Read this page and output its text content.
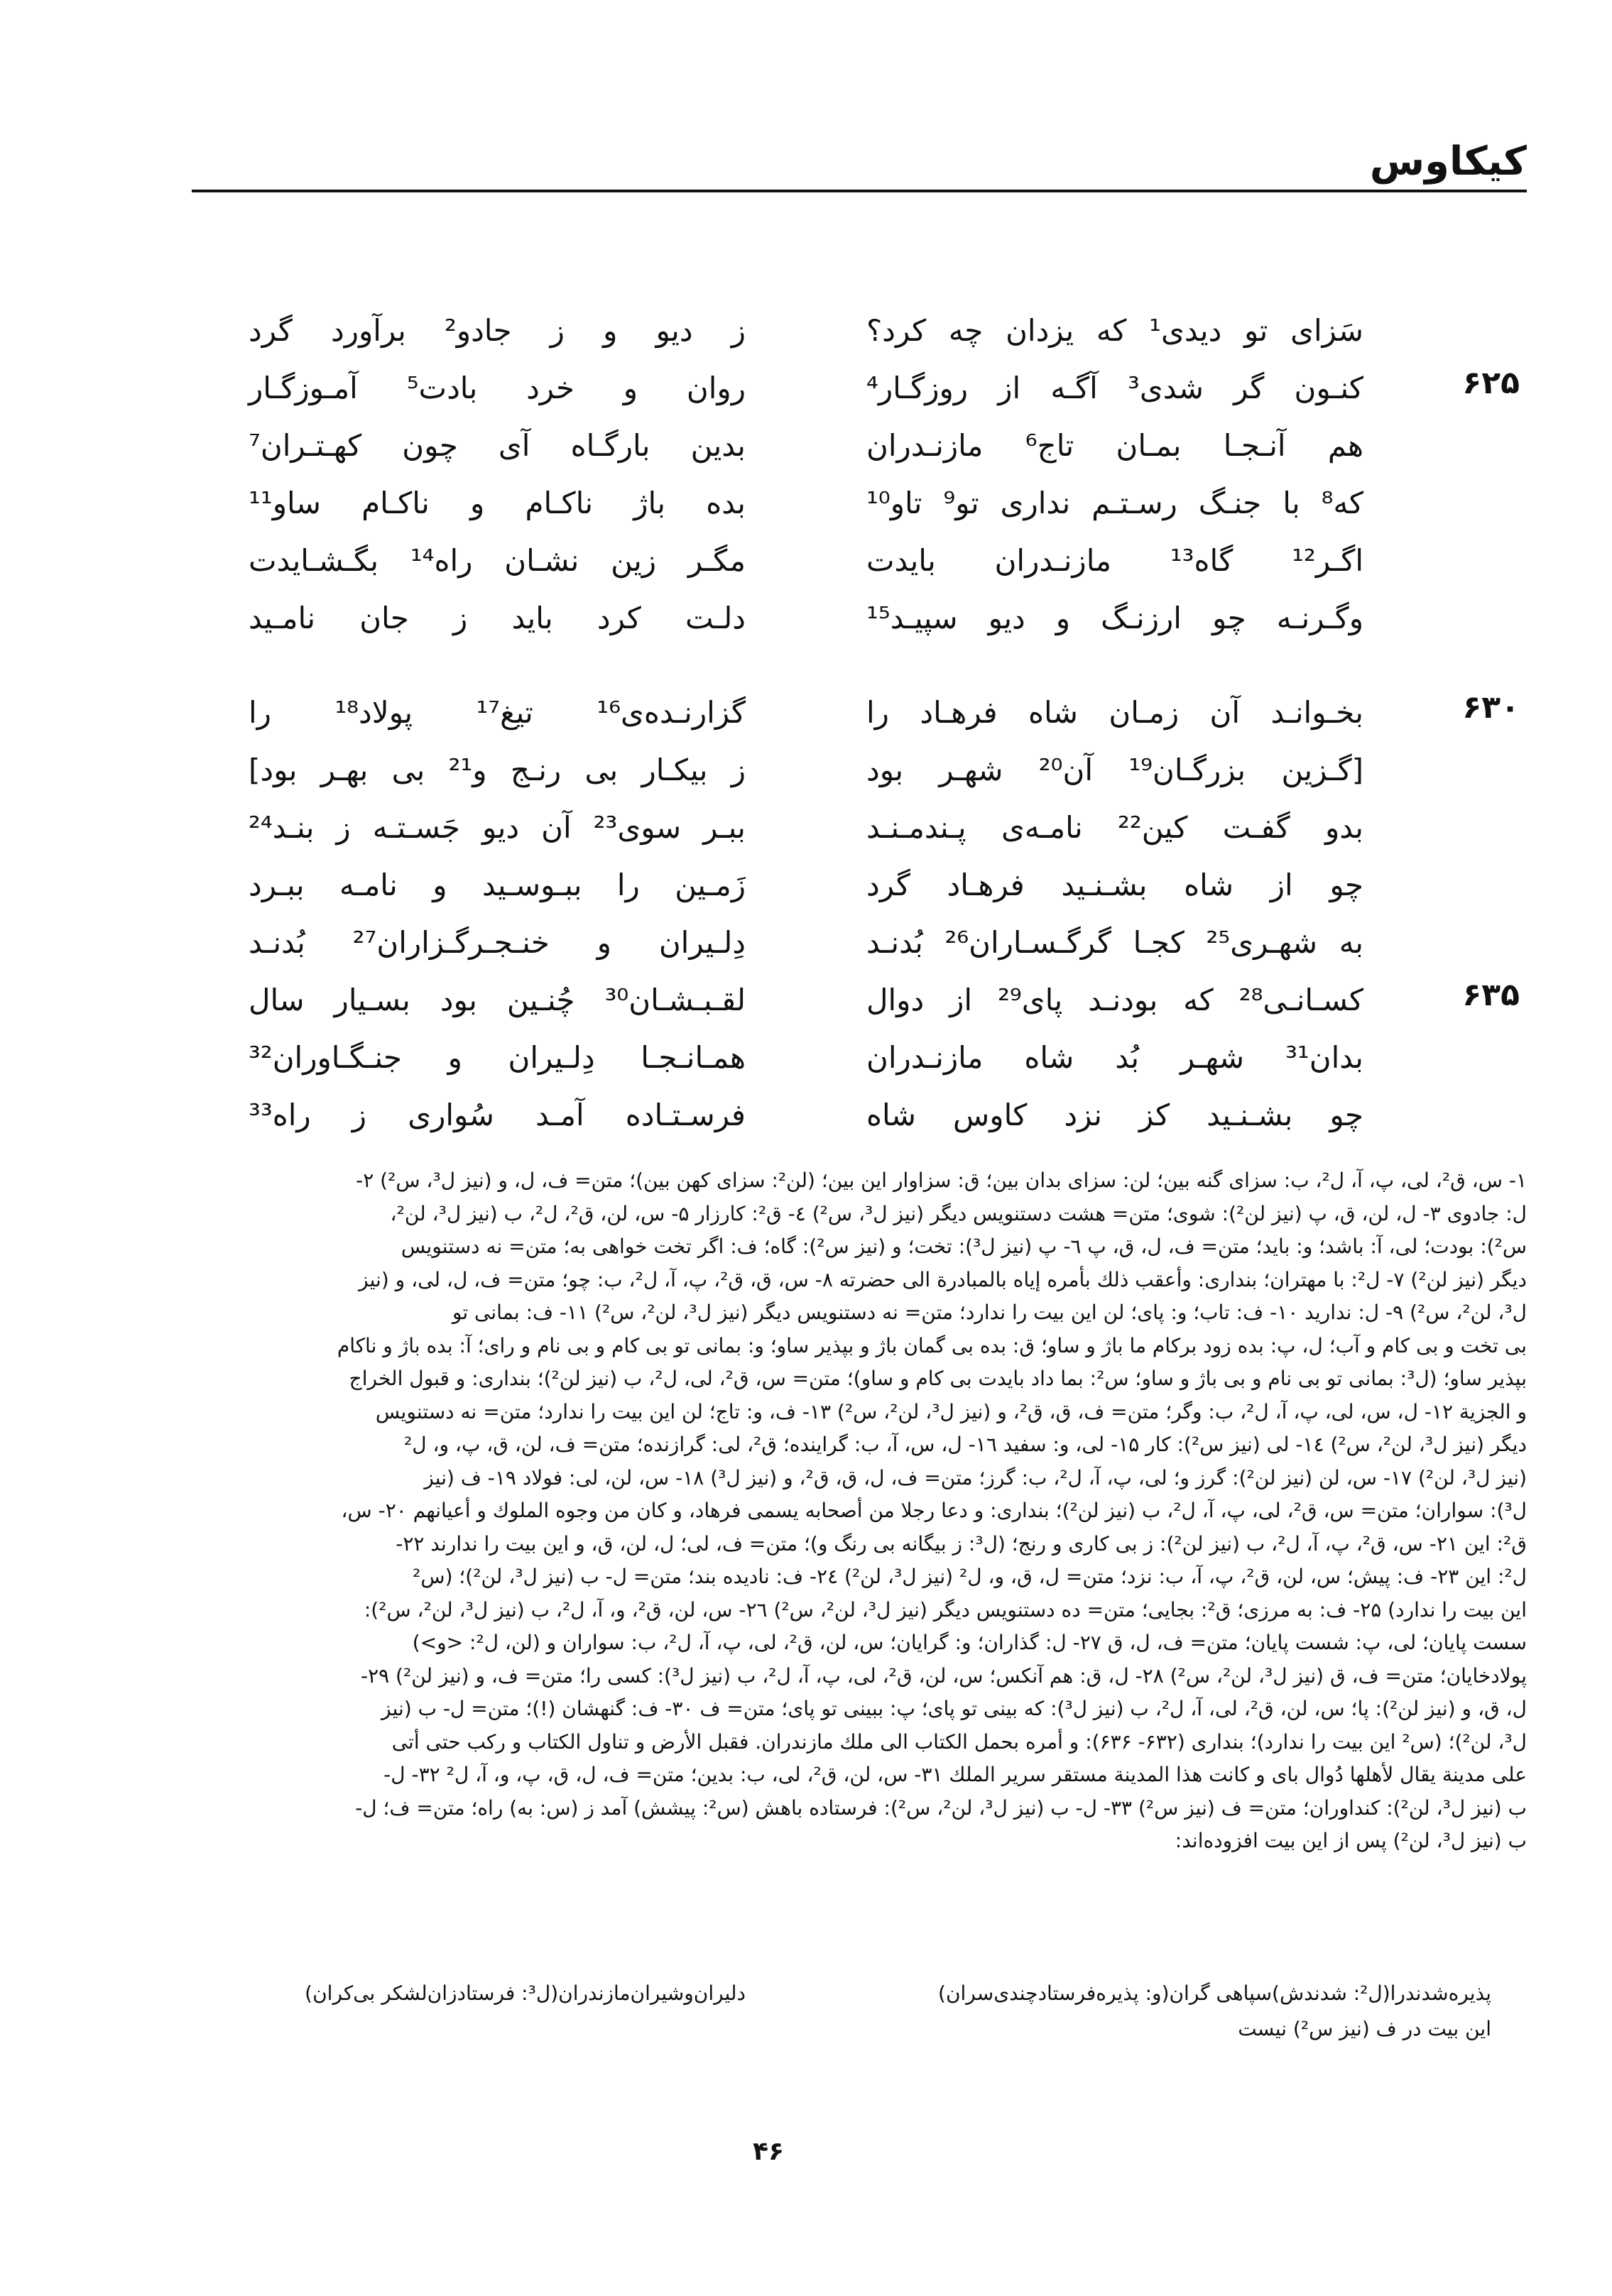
کیکاوس
سَزای تو دیدی¹ که یزدان چه کرد؟
ز دیو و ز جادو² برآورد گرد
۶۲۵
کنـون گر شدی³ آگـه از روزگـار⁴
روان و خرد بادت⁵ آمـوزگـار
هم آنـجـا بمـان تاج⁶ مازنـدران
بدین بارگـاه آی چون کهـتـران⁷
که⁸ با جنـگ رسـتـم نداری تو⁹ تاو¹⁰
بده باژ ناکـام و ناکـام ساو¹¹
اگـر¹² گاه¹³ مازنـدران بایدت
مگـر زین نشـان راه¹⁴ بگـشـایدت
وگـرنـه چو ارزنـگ و دیو سپیـد¹⁵
دلـت کرد باید ز جان نامـید
۶۳۰
بخـوانـد آن زمـان شاه فرهـاد را
گزارنـده‌ی¹⁶ تیغ¹⁷ پولاد¹⁸ را
[گـزین بزرگـان¹⁹ آن²⁰ شهـر بود
ز بیکـار بی رنـج و²¹ بی بهـر بود]
بدو گفـت کین²² نامـه‌ی پـندمـنـد
ببـر سوی²³ آن دیو جَسـتـه ز بنـد²⁴
چو از شاه بشـنـید فرهـاد گرد
زَمـین را ببـوسـید و نامـه ببـرد
به شهـری²⁵ کجـا گرگـسـاران²⁶ بُدنـد
دِلـیران و خنـجـرگـزاران²⁷ بُدنـد
۶۳۵
کسـانـی²⁸ که بودنـد پای²⁹ از دوال
لقـبـشـان³⁰ چُنـین بود بسـیار سال
بدان³¹ شهـر بُد شاه مازنـدران
همـانـجـا دِلـیران و جنـگـاوران³²
چو بشـنـید کز نزد کاوس شاه
فرسـتـاده آمـد سُواری ز راه³³

۱- س، ق²، لی، پ، آ، ل²، ب: سزای گنه بین؛ لن: سزای بدان بین؛ ق: سزاوار این بین؛ (لن²: سزای کهن بین)؛ متن= ف، ل، و (نیز ل³، س²) ۲-

ل: جادوی ۳- ل، لن، ق، پ (نیز لن²): شوی؛ متن= هشت دستنویس دیگر (نیز ل³، س²) ٤- ق²: کارزار ۵- س، لن، ق²، ل²، ب (نیز ل³، لن²،

س²): بودت؛ لی، آ: باشد؛ و: باید؛ متن= ف، ل، ق، پ ٦- پ (نیز ل³): تخت؛ و (نیز س²): گاه؛ ف: اگر تخت خواهی به؛ متن= نه دستنویس

دیگر (نیز لن²) ۷- ل²: با مهتران؛ بنداری: وأعقب ذلك بأمره إياه بالمبادرة الى حضرته ۸- س، ق، ق²، پ، آ، ل²، ب: چو؛ متن= ف، ل، لی، و (نیز

ل³، لن²، س²) ۹- ل: ندارید ۱۰- ف: تاب؛ و: پای؛ لن این بیت را ندارد؛ متن= نه دستنویس دیگر (نیز ل³، لن²، س²) ۱۱- ف: بمانی تو

بی تخت و بی کام و آب؛ ل، پ: بده زود برکام ما باژ و ساو؛ ق: بده بی گمان باژ و بپذیر ساو؛ و: بمانی تو بی کام و بی نام و رای؛ آ: بده باژ و ناکام

بپذیر ساو؛ (ل³: بمانی تو بی نام و بی باژ و ساو؛ س²: بما داد بایدت بی کام و ساو)؛ متن= س، ق²، لی، ل²، ب (نیز لن²)؛ بنداری: و قبول الخراج

و الجزیة ۱۲- ل، س، لی، پ، آ، ل²، ب: وگر؛ متن= ف، ق، ق²، و (نیز ل³، لن²، س²) ۱۳- ف، و: تاج؛ لن این بیت را ندارد؛ متن= نه دستنویس

دیگر (نیز ل³، لن²، س²) ١٤- لی (نیز س²): کار ۱۵- لی، و: سفید ١٦- ل، س، آ، ب: گراینده؛ ق²، لی: گرازنده؛ متن= ف، لن، ق، پ، و، ل²

(نیز ل³، لن²) ۱۷- س، لن (نیز لن²): گرز و؛ لی، پ، آ، ل²، ب: گرز؛ متن= ف، ل، ق، ق²، و (نیز ل³) ۱۸- س، لن، لی: فولاد ۱۹- ف (نیز

ل³): سواران؛ متن= س، ق²، لی، پ، آ، ل²، ب (نیز لن²)؛ بنداری: و دعا رجلا من أصحابه یسمی فرهاد، و کان من وجوه الملوك و أعیانهم ۲۰- س،

ق²: این ۲۱- س، ق²، پ، آ، ل²، ب (نیز لن²): ز بی کاری و رنج؛ (ل³: ز بیگانه بی رنگ و)؛ متن= ف، لی؛ ل، لن، ق، و این بیت را ندارند ۲۲-

ل²: این ۲۳- ف: پیش؛ س، لن، ق²، پ، آ، ب: نزد؛ متن= ل، ق، و، ل² (نیز ل³، لن²) ٢٤- ف: نادیده بند؛ متن= ل- ب (نیز ل³، لن²)؛ (س²

این بیت را ندارد) ۲۵- ف: به مرزی؛ ق²: بجایی؛ متن= ده دستنویس دیگر (نیز ل³، لن²، س²) ٢٦- س، لن، ق²، و، آ، ل²، ب (نیز ل³، لن²، س²):

سست پایان؛ لی، پ: شست پایان؛ متن= ف، ل، ق ۲۷- ل: گذاران؛ و: گرایان؛ س، لن، ق²، لی، پ، آ، ل²، ب: سواران و (لن، ل²: <و>)

پولادخایان؛ متن= ف، ق (نیز ل³، لن²، س²) ۲۸- ل، ق: هم آنکس؛ س، لن، ق²، لی، پ، آ، ل²، ب (نیز ل³): کسی را؛ متن= ف، و (نیز لن²) ۲۹-

ل، ق، و (نیز لن²): پا؛ س، لن، ق²، لی، آ، ل²، ب (نیز ل³): که بینی تو پای؛ پ: ببینی تو پای؛ متن= ف ۳۰- ف: گنهشان (!)؛ متن= ل- ب (نیز

ل³، لن²)؛ (س² این بیت را ندارد)؛ بنداری (۶۳۲- ۶۳۶): و أمره بحمل الكتاب الى ملك مازندران. فقبل الأرض و تناول الكتاب و ركب حتی أتی

علی مدینة یقال لأهلها دُوال بای و كانت هذا المدینة مستقر سریر الملك ۳۱- س، لن، ق²، لی، ب: بدین؛ متن= ف، ل، ق، پ، و، آ، ل² ۳۲- ل-

ب (نیز ل³، لن²): کنداوران؛ متن= ف (نیز س²) ۳۳- ل- ب (نیز ل³، لن²، س²): فرستاده باهش (س²: پیشش) آمد ز (س: به) راه؛ متن= ف؛ ل-

ب (نیز ل³، لن²) پس از این بیت افزوده‌اند:

پذیره‌شدندرا(ل²: شدندش)سپاهی گران(و: پذیره‌فرستادچندی‌سران)
دلیران‌وشیران‌مازندران(ل³: فرستادزان‌لشکر بی‌کران)
این بیت در ف (نیز س²) نیست
۴۶
